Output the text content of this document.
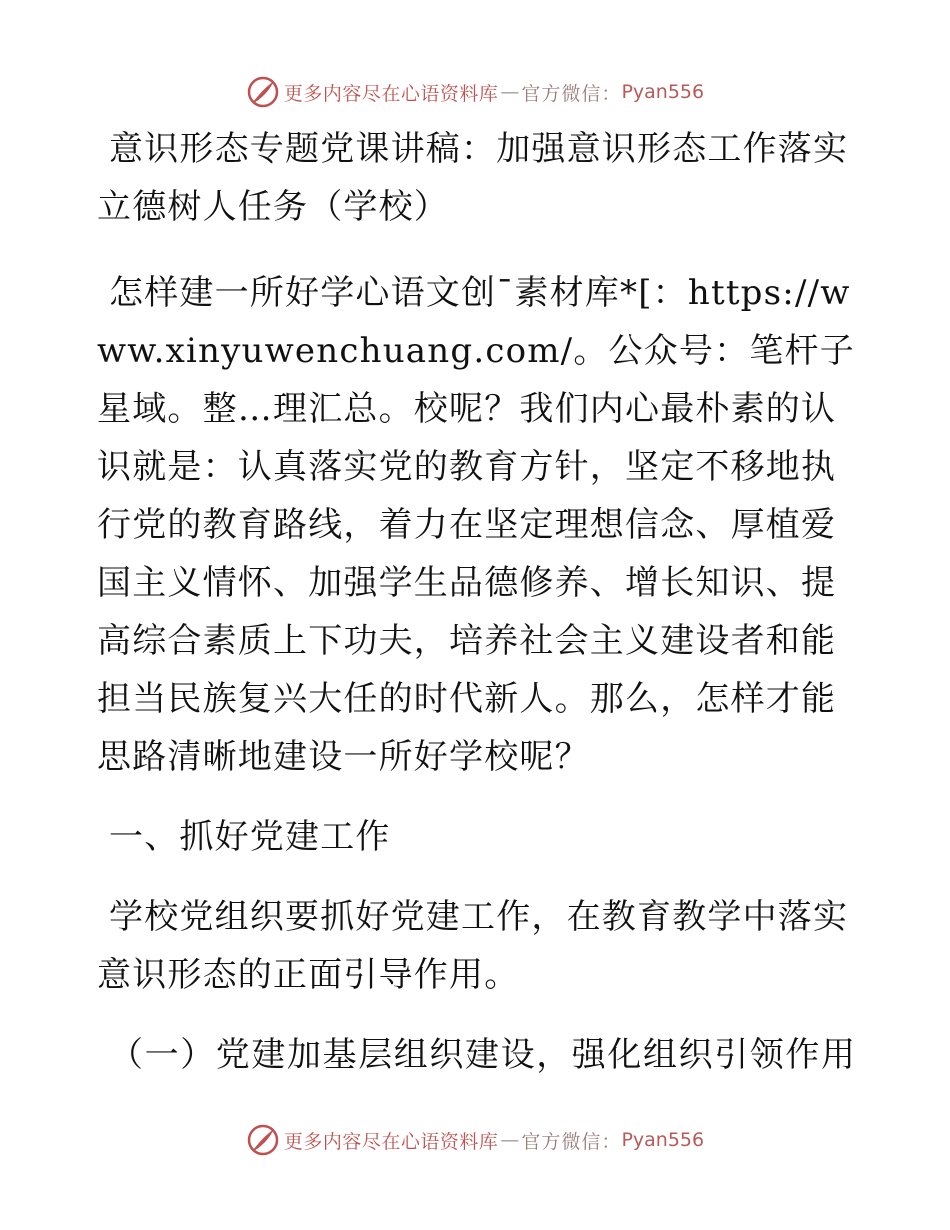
更多内容尽在心语资料库 — 官方微信： Pyan556

意识形态专题党课讲稿：加强意识形态工作落实立德树人任务（学校）

怎样建一所好学心语文创¯素材库*[：https://www.xinyuwenchuang.com/。公众号：笔杆子星域。整…理汇总。校呢？我们内心最朴素的认识就是：认真落实党的教育方针，坚定不移地执行党的教育路线，着力在坚定理想信念、厚植爱国主义情怀、加强学生品德修养、增长知识、提高综合素质上下功夫，培养社会主义建设者和能担当民族复兴大任的时代新人。那么，怎样才能思路清晰地建设一所好学校呢？

一、抓好党建工作

学校党组织要抓好党建工作，在教育教学中落实意识形态的正面引导作用。

（一）党建加基层组织建设，强化组织引领作用

更多内容尽在心语资料库 — 官方微信： Pyan556
